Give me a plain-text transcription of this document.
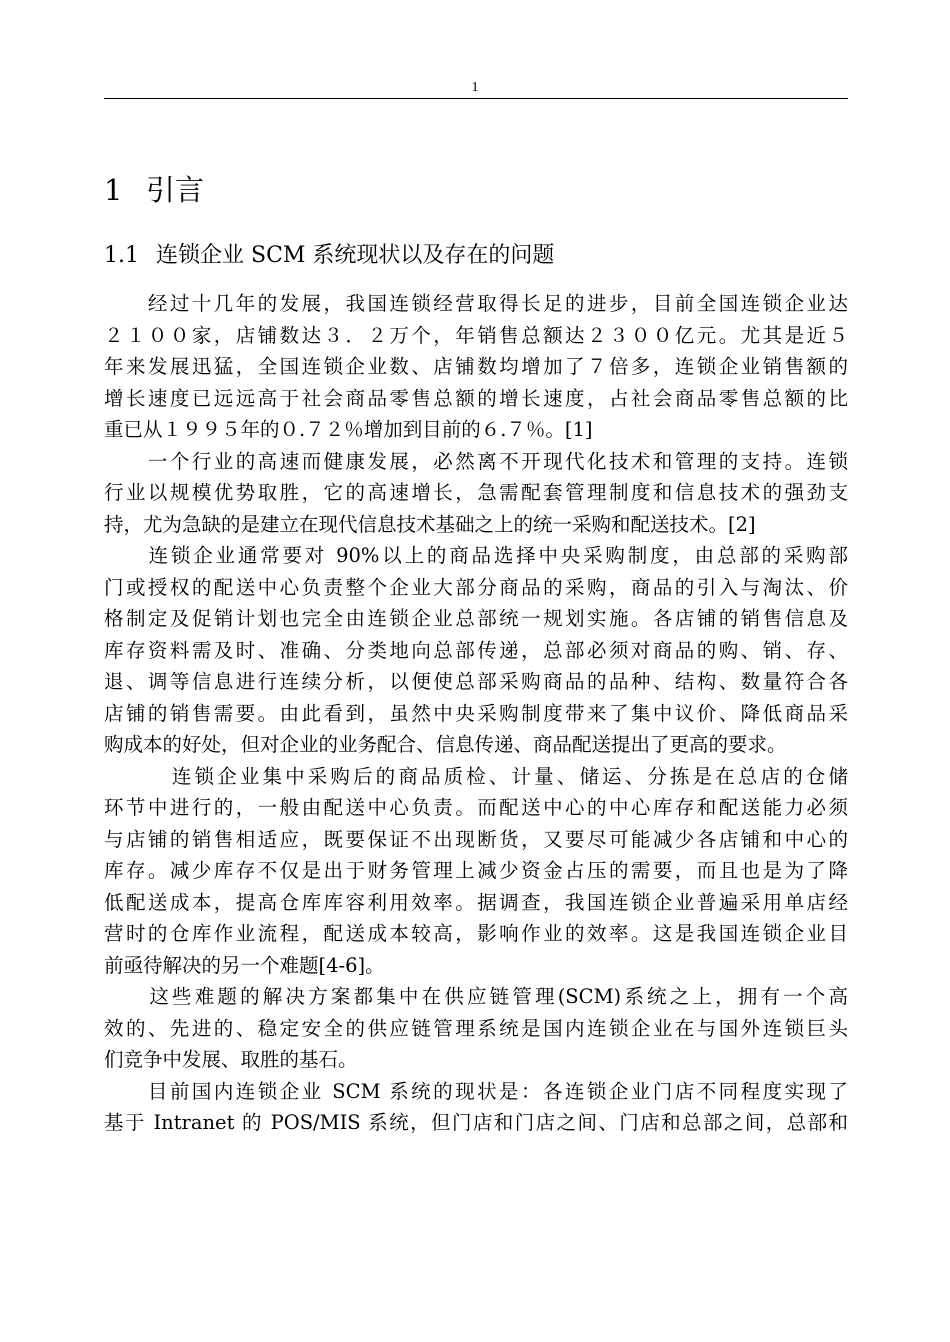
1
1 引言
1.1 连锁企业 SCM 系统现状以及存在的问题

　　经过十几年的发展，我国连锁经营取得长足的进步，目前全国连锁企业达
２１００家，店铺数达３．２万个，年销售总额达２３００亿元。尤其是近５
年来发展迅猛，全国连锁企业数、店铺数均增加了７倍多，连锁企业销售额的
增长速度已远远高于社会商品零售总额的增长速度，占社会商品零售总额的比
重已从１９９５年的０.７２％增加到目前的６.７％。[1]

　　一个行业的高速而健康发展，必然离不开现代化技术和管理的支持。连锁
行业以规模优势取胜，它的高速增长，急需配套管理制度和信息技术的强劲支
持，尤为急缺的是建立在现代信息技术基础之上的统一采购和配送技术。[2]

　　连锁企业通常要对 90%以上的商品选择中央采购制度，由总部的采购部
门或授权的配送中心负责整个企业大部分商品的采购，商品的引入与淘汰、价
格制定及促销计划也完全由连锁企业总部统一规划实施。各店铺的销售信息及
库存资料需及时、准确、分类地向总部传递，总部必须对商品的购、销、存、
退、调等信息进行连续分析，以便使总部采购商品的品种、结构、数量符合各
店铺的销售需要。由此看到，虽然中央采购制度带来了集中议价、降低商品采
购成本的好处，但对企业的业务配合、信息传递、商品配送提出了更高的要求。

　　　连锁企业集中采购后的商品质检、计量、储运、分拣是在总店的仓储
环节中进行的，一般由配送中心负责。而配送中心的中心库存和配送能力必须
与店铺的销售相适应，既要保证不出现断货，又要尽可能减少各店铺和中心的
库存。减少库存不仅是出于财务管理上减少资金占压的需要，而且也是为了降
低配送成本，提高仓库库容利用效率。据调查，我国连锁企业普遍采用单店经
营时的仓库作业流程，配送成本较高，影响作业的效率。这是我国连锁企业目
前亟待解决的另一个难题[4-6]。

　　这些难题的解决方案都集中在供应链管理(SCM)系统之上，拥有一个高
效的、先进的、稳定安全的供应链管理系统是国内连锁企业在与国外连锁巨头
们竞争中发展、取胜的基石。

　　目前国内连锁企业 SCM 系统的现状是：各连锁企业门店不同程度实现了
基于 Intranet 的 POS/MIS 系统，但门店和门店之间、门店和总部之间，总部和
